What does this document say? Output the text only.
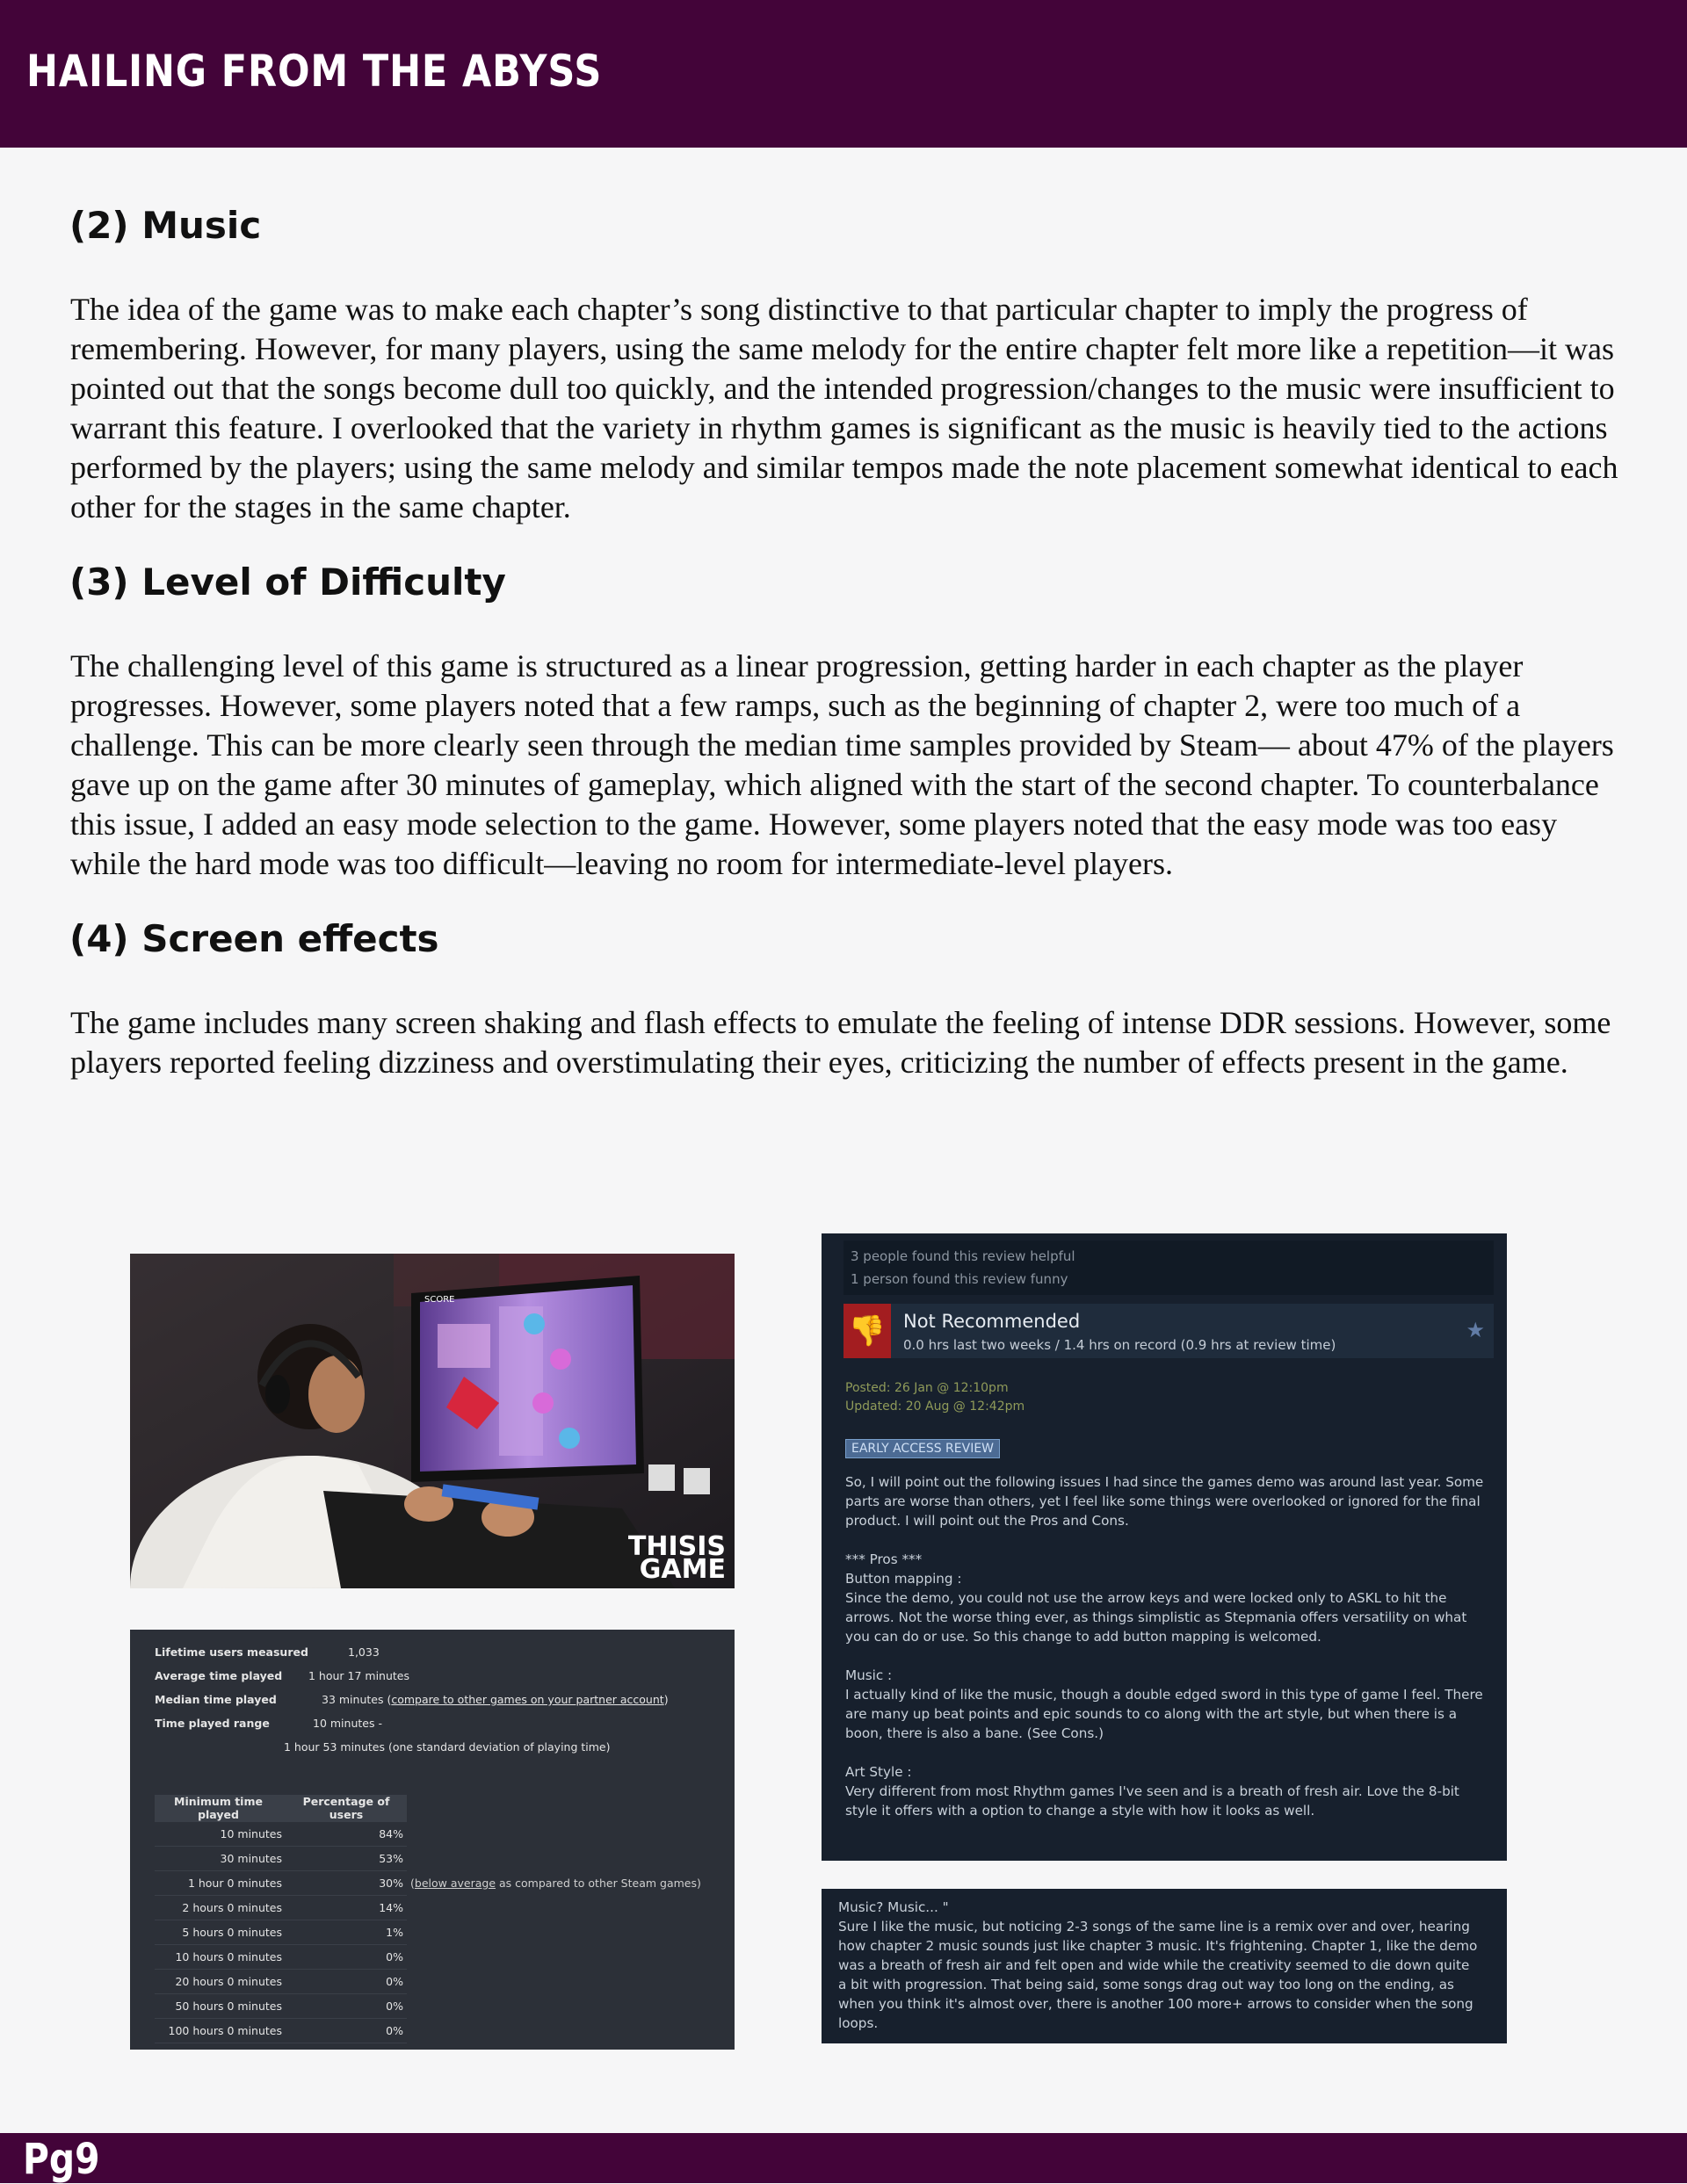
HAILING FROM THE ABYSS
(2) Music

The idea of the game was to make each chapter’s song distinctive to that particular chapter to imply the progress of remembering. However, for many players, using the same melody for the entire chapter felt more like a repetition—it was pointed out that the songs become dull too quickly, and the intended progression/changes to the music were insufficient to warrant this feature. I overlooked that the variety in rhythm games is significant as the music is heavily tied to the actions performed by the players; using the same melody and similar tempos made the note placement somewhat identical to each other for the stages in the same chapter.

(3) Level of Difficulty

The challenging level of this game is structured as a linear progression, getting harder in each chapter as the player progresses. However, some players noted that a few ramps, such as the beginning of chapter 2, were too much of a challenge. This can be more clearly seen through the median time samples provided by Steam— about 47% of the players gave up on the game after 30 minutes of gameplay, which aligned with the start of the second chapter. To counterbalance this issue, I added an easy mode selection to the game. However, some players noted that the easy mode was too easy while the hard mode was too difficult—leaving no room for intermediate-level players.

(4) Screen effects

The game includes many screen shaking and flash effects to emulate the feeling of intense DDR sessions. However, some players reported feeling dizziness and overstimulating their eyes, criticizing the number of effects present in the game.

SCORE
THISIS
GAME
Lifetime users measured	1,033
Average time played 1 hour 17 minutes
Median time played	33 minutes (compare to other games on your partner account)
Time played range	10 minutes -
1 hour 53 minutes (one standard deviation of playing time)
Minimum time played	Percentage of users	
10 minutes	84%	
30 minutes	53%	
1 hour 0 minutes	30%	(below average as compared to other Steam games)
2 hours 0 minutes	14%	
5 hours 0 minutes	1%	
10 hours 0 minutes	0%	
20 hours 0 minutes	0%	
50 hours 0 minutes	0%	
100 hours 0 minutes	0%	
3 people found this review helpful
1 person found this review funny
👎 Not Recommended
0.0 hrs last two weeks / 1.4 hrs on record (0.9 hrs at review time)
★
Posted: 26 Jan @ 12:10pm
Updated: 20 Aug @ 12:42pm
EARLY ACCESS REVIEW
So, I will point out the following issues I had since the games demo was around last year. Some
parts are worse than others, yet I feel like some things were overlooked or ignored for the final
product. I will point out the Pros and Cons.

*** Pros ***
Button mapping :
Since the demo, you could not use the arrow keys and were locked only to ASKL to hit the
arrows. Not the worse thing ever, as things simplistic as Stepmania offers versatility on what
you can do or use. So this change to add button mapping is welcomed.

Music :
I actually kind of like the music, though a double edged sword in this type of game I feel. There
are many up beat points and epic sounds to co along with the art style, but when there is a
boon, there is also a bane. (See Cons.)

Art Style :
Very different from most Rhythm games I've seen and is a breath of fresh air. Love the 8-bit
style it offers with a option to change a style with how it looks as well.
Music? Music... "
Sure I like the music, but noticing 2-3 songs of the same line is a remix over and over, hearing
how chapter 2 music sounds just like chapter 3 music. It's frightening. Chapter 1, like the demo
was a breath of fresh air and felt open and wide while the creativity seemed to die down quite
a bit with progression. That being said, some songs drag out way too long on the ending, as
when you think it's almost over, there is another 100 more+ arrows to consider when the song
loops.
Pg9
